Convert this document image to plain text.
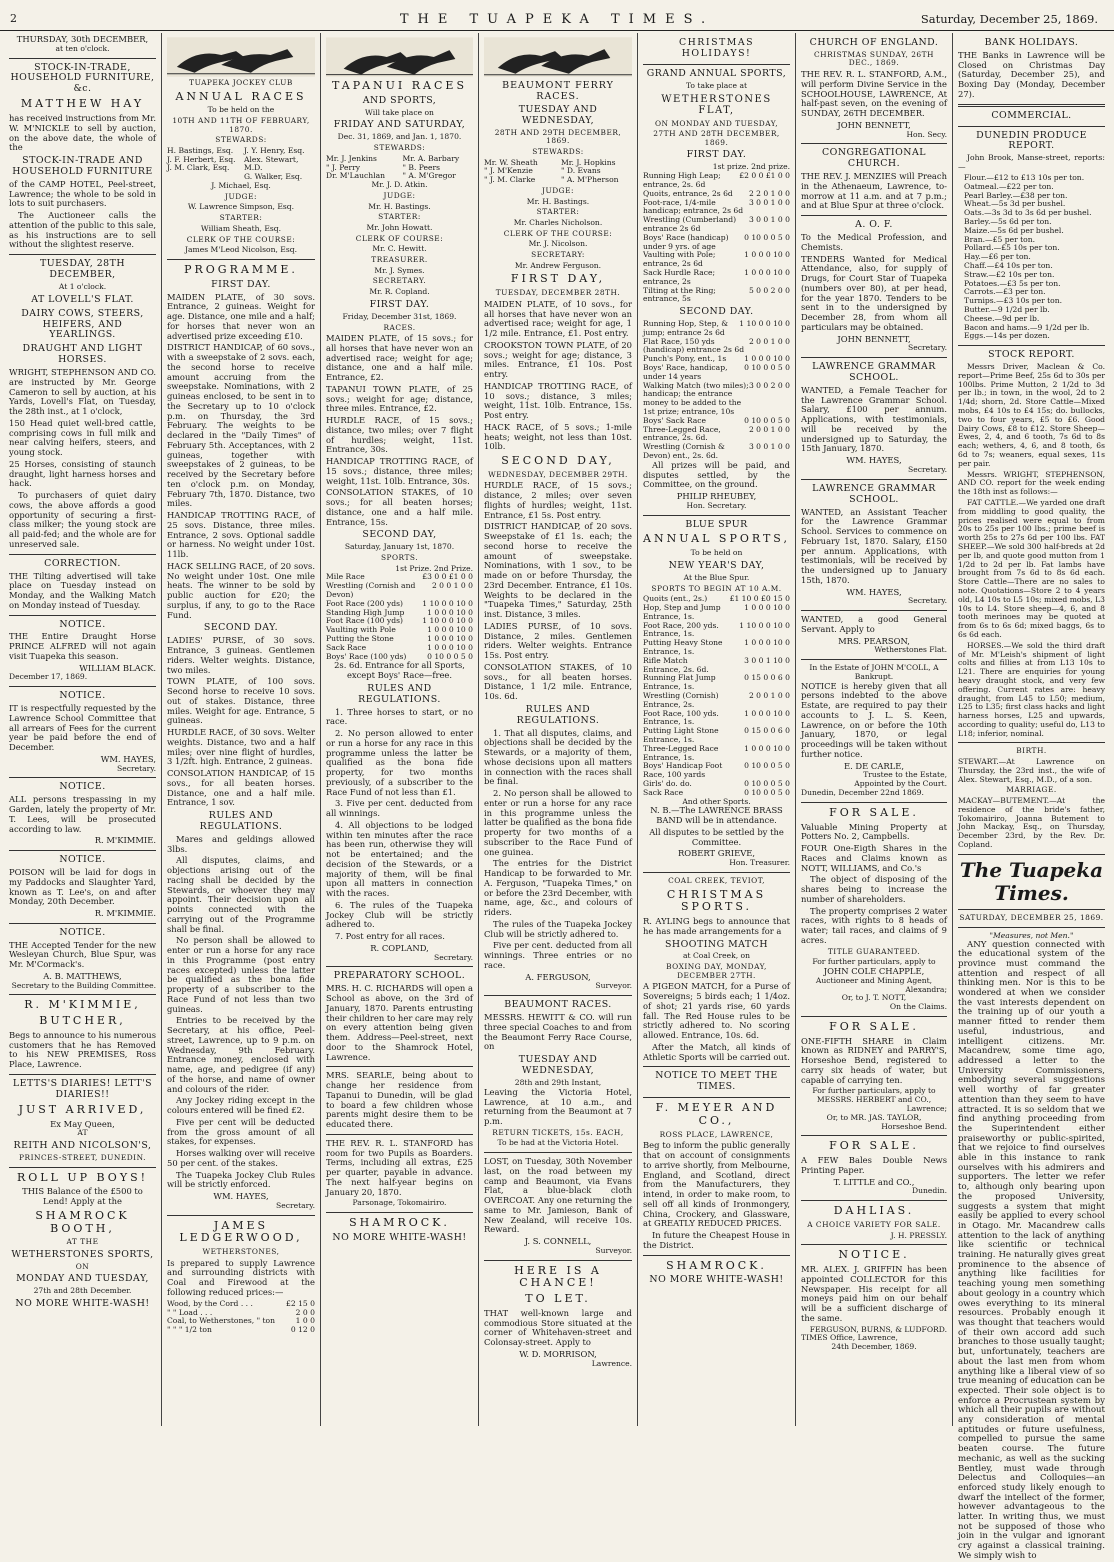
2	THE TUAPEKA TIMES.	Saturday, December 25, 1869.
THURSDAY, 30th DECEMBER,
at ten o'clock.
STOCK-IN-TRADE, HOUSEHOLD FURNITURE, &c.
MATTHEW HAY

has received instructions from Mr. W. M'NICKLE to sell by auction, on the above date, the whole of the

STOCK-IN-TRADE AND HOUSEHOLD FURNITURE

of the CAMP HOTEL, Peel-street, Lawrence; the whole to be sold in lots to suit purchasers.

The Auctioneer calls the attention of the public to this sale, as his instructions are to sell without the slightest reserve.

TUESDAY, 28TH DECEMBER,
At 1 o'clock.
AT LOVELL'S FLAT.
DAIRY COWS, STEERS, HEIFERS, AND YEARLINGS.
DRAUGHT AND LIGHT HORSES.

WRIGHT, STEPHENSON AND CO. are instructed by Mr. George Cameron to sell by auction, at his Yards, Lovell's Flat, on Tuesday, the 28th inst., at 1 o'clock,

150 Head quiet well-bred cattle, comprising cows in full milk and near calving heifers, steers, and young stock.

25 Horses, consisting of staunch draught, light harness horses and hack.

To purchasers of quiet dairy cows, the above affords a good opportunity of securing a first-class milker; the young stock are all paid-fed; and the whole are for unreserved sale.

CORRECTION.

THE Tilting advertised will take place on Tuesday instead on Monday, and the Walking Match on Monday instead of Tuesday.

NOTICE.

THE Entire Draught Horse PRINCE ALFRED will not again visit Tuapeka this season.

WILLIAM BLACK.
December 17, 1869.
NOTICE.

IT is respectfully requested by the Lawrence School Committee that all arrears of Fees for the current year be paid before the end of December.

WM. HAYES,
Secretary.
NOTICE.

ALL persons trespassing in my Garden, lately the property of Mr. T. Lees, will be prosecuted according to law.

R. M'KIMMIE.
NOTICE.

POISON will be laid for dogs in my Paddocks and Slaughter Yard, known as T. Lee's, on and after Monday, 20th December.

R. M'KIMMIE.
NOTICE.

THE Accepted Tender for the new Wesleyan Church, Blue Spur, was Mr. M'Cormack's.

A. B. MATTHEWS,
Secretary to the Building Committee.
R. M'KIMMIE,
BUTCHER,

Begs to announce to his numerous customers that he has Removed to his NEW PREMISES, Ross Place, Lawrence.

LETTS'S DIARIES! LETT'S DIARIES!!
JUST ARRIVED,
Ex May Queen,
AT
REITH AND NICOLSON'S,
PRINCES-STREET, DUNEDIN.
ROLL UP BOYS!

THIS Balance of the £500 to Lend! Apply at the

SHAMROCK BOOTH,
AT THE
WETHERSTONES SPORTS,
ON
MONDAY AND TUESDAY,
27th and 28th December.
NO MORE WHITE-WASH!
TUAPEKA JOCKEY CLUB
ANNUAL RACES
To be held on the
10TH AND 11TH OF FEBRUARY, 1870.
STEWARDS:
H. Bastings, Esq.
J. F. Herbert, Esq.
J. M. Clark, Esq.
J. Y. Henry, Esq.
Alex. Stewart, M.D.
G. Walker, Esq.
J. Michael, Esq.
JUDGE:
W. Lawrence Simpson, Esq.
STARTER:
William Sheath, Esq.
CLERK OF THE COURSE:
James M'Leod Nicolson, Esq.
PROGRAMME.
FIRST DAY.

MAIDEN PLATE, of 30 sovs. Entrance, 2 guineas. Weight for age. Distance, one mile and a half; for horses that never won an advertised prize exceeding £10.

DISTRICT HANDICAP, of 60 sovs., with a sweepstake of 2 sovs. each, the second horse to receive amount accruing from the sweepstake. Nominations, with 2 guineas enclosed, to be sent in to the Secretary up to 10 o'clock p.m. on Thursday, the 3rd February. The weights to be declared in the "Daily Times" of February 5th. Acceptances, with 2 guineas, together with sweepstakes of 2 guineas, to be received by the Secretary before ten o'clock p.m. on Monday, February 7th, 1870. Distance, two miles.

HANDICAP TROTTING RACE, of 25 sovs. Distance, three miles. Entrance, 2 sovs. Optional saddle or harness. No weight under 10st. 11lb.

HACK SELLING RACE, of 20 sovs. No weight under 10st. One mile heats. The winner to be sold by public auction for £20; the surplus, if any, to go to the Race Fund.

SECOND DAY.

LADIES' PURSE, of 30 sovs. Entrance, 3 guineas. Gentlemen riders. Welter weights. Distance, two miles.

TOWN PLATE, of 100 sovs. Second horse to receive 10 sovs. out of stakes. Distance, three miles. Weight for age. Entrance, 5 guineas.

HURDLE RACE, of 30 sovs. Welter weights. Distance, two and a half miles; over nine flight of hurdles, 3 1/2ft. high. Entrance, 2 guineas.

CONSOLATION HANDICAP, of 15 sovs., for all beaten horses. Distance, one and a half mile. Entrance, 1 sov.

RULES AND REGULATIONS.

Mares and geldings allowed 3lbs.

All disputes, claims, and objections arising out of the racing shall be decided by the Stewards, or whoever they may appoint. Their decision upon all points connected with the carrying out of the Programme shall be final.

No person shall be allowed to enter or run a horse for any race in this Programme (post entry races excepted) unless the latter be qualified as the bona fide property of a subscriber to the Race Fund of not less than two guineas.

Entries to be received by the Secretary, at his office, Peel-street, Lawrence, up to 9 p.m. on Wednesday, 9th February. Entrance money, enclosed with name, age, and pedigree (if any) of the horse, and name of owner and colours of the rider.

Any Jockey riding except in the colours entered will be fined £2.

Five per cent will be deducted from the gross amount of all stakes, for expenses.

Horses walking over will receive 50 per cent. of the stakes.

The Tuapeka Jockey Club Rules will be strictly enforced.

WM. HAYES,
Secretary.
JAMES LEDGERWOOD,
WETHERSTONES,

Is prepared to supply Lawrence and surrounding districts with Coal and Firewood at the following reduced prices:—

Wood, by the Cord . . .	£2 15 0
" " Load . . .	2 0 0
Coal, to Wetherstones, " ton	1 0 0
" " " 1/2 ton	0 12 0
TAPANUI RACES
AND SPORTS,
Will take place on
FRIDAY AND SATURDAY,
Dec. 31, 1869, and Jan. 1, 1870.
STEWARDS:
Mr. J. Jenkins
" J. Perry
Dr. M'Lauchlan
Mr. A. Barbary
" B. Peers
" A. M'Gregor
Mr. J. D. Atkin.
JUDGE:
Mr. H. Bastings.
STARTER:
Mr. John Howatt.
CLERK OF COURSE:
Mr. C. Hewitt.
TREASURER.
Mr. J. Symes.
SECRETARY.
Mr. R. Copland.
FIRST DAY.
Friday, December 31st, 1869.
RACES.

MAIDEN PLATE, of 15 sovs.; for all horses that have never won an advertised race; weight for age; distance, one and a half mile. Entrance, £2.

TAPANUI TOWN PLATE, of 25 sovs.; weight for age; distance, three miles. Entrance, £2.

HURDLE RACE, of 15 sovs.; distance, two miles; over 7 flight of hurdles; weight, 11st. Entrance, 30s.

HANDICAP TROTTING RACE, of 15 sovs.; distance, three miles; weight, 11st. 10lb. Entrance, 30s.

CONSOLATION STAKES, of 10 sovs.; for all beaten horses; distance, one and a half mile. Entrance, 15s.

SECOND DAY,
Saturday, January 1st, 1870.
SPORTS.
1st Prize. 2nd Prize.
Mile Race	£3 0 0 £1 0 0
Wrestling (Cornish and Devon)
2 0 0 1 0 0
Foot Race (200 yds)	1 10 0 0 10 0
Standing High Jump	1 0 0 0 10 0
Foot Race (100 yds)	1 10 0 0 10 0
Vaulting with Pole	1 0 0 0 10 0
Putting the Stone	1 0 0 0 10 0
Sack Race	1 0 0 0 10 0
Boys' Race (100 yds)	0 10 0 0 5 0

2s. 6d. Entrance for all Sports, except Boys' Race—free.

RULES AND REGULATIONS.

1. Three horses to start, or no race.

2. No person allowed to enter or run a horse for any race in this programme unless the latter be qualified as the bona fide property, for two months previously, of a subscriber to the Race Fund of not less than £1.

3. Five per cent. deducted from all winnings.

4. All objections to be lodged within ten minutes after the race has been run, otherwise they will not be entertained; and the decision of the Stewards, or a majority of them, will be final upon all matters in connection with the races.

6. The rules of the Tuapeka Jockey Club will be strictly adhered to.

7. Post entry for all races.

R. COPLAND,
Secretary.
PREPARATORY SCHOOL.

MRS. H. C. RICHARDS will open a School as above, on the 3rd of January, 1870. Parents entrusting their children to her care may rely on every attention being given them. Address—Peel-street, next door to the Shamrock Hotel, Lawrence.

MRS. SEARLE, being about to change her residence from Tapanui to Dunedin, will be glad to board a few children whose parents might desire them to be educated there.

THE REV. R. L. STANFORD has room for two Pupils as Boarders. Terms, including all extras, £25 per quarter, payable in advance. The next half-year begins on January 20, 1870.

Parsonage, Tokomairiro.
SHAMROCK.
NO MORE WHITE-WASH!
BEAUMONT FERRY RACES.
TUESDAY AND WEDNESDAY,
28TH AND 29TH DECEMBER, 1869.
STEWARDS:
Mr. W. Sheath
" J. M'Kenzie
" J. M. Clarke
Mr. J. Hopkins
" D. Evans
" A. M'Pherson
JUDGE:
Mr. H. Bastings.
STARTER:
Mr. Charles Nicholson.
CLERK OF THE COURSE:
Mr. J. Nicolson.
SECRETARY:
Mr. Andrew Ferguson.
FIRST DAY,
TUESDAY, DECEMBER 28TH.

MAIDEN PLATE, of 10 sovs., for all horses that have never won an advertised race; weight for age, 1 1/2 mile. Entrance, £1. Post entry.

CROOKSTON TOWN PLATE, of 20 sovs.; weight for age; distance, 3 miles. Entrance, £1 10s. Post entry.

HANDICAP TROTTING RACE, of 10 sovs.; distance, 3 miles; weight, 11st. 10lb. Entrance, 15s. Post entry.

HACK RACE, of 5 sovs.; 1-mile heats; weight, not less than 10st. 10lb.

SECOND DAY,
WEDNESDAY, DECEMBER 29TH.

HURDLE RACE, of 15 sovs.; distance, 2 miles; over seven flights of hurdles; weight, 11st. Entrance, £1 5s. Post entry.

DISTRICT HANDICAP, of 20 sovs. Sweepstake of £1 1s. each; the second horse to receive the amount of sweepstake. Nominations, with 1 sov., to be made on or before Thursday, the 23rd December. Entrance, £1 10s. Weights to be declared in the "Tuapeka Times," Saturday, 25th inst. Distance, 3 miles.

LADIES PURSE, of 10 sovs. Distance, 2 miles. Gentlemen riders. Welter weights. Entrance 15s. Post entry.

CONSOLATION STAKES, of 10 sovs., for all beaten horses. Distance, 1 1/2 mile. Entrance, 10s. 6d.

RULES AND REGULATIONS.

1. That all disputes, claims, and objections shall be decided by the Stewards, or a majority of them, whose decisions upon all matters in connection with the races shall be final.

2. No person shall be allowed to enter or run a horse for any race in this programme unless the latter be qualified as the bona fide property for two months of a subscriber to the Race Fund of one guinea.

The entries for the District Handicap to be forwarded to Mr. A. Ferguson, "Tuapeka Times," on or before the 23rd December, with name, age, &c., and colours of riders.

The rules of the Tuapeka Jockey Club will be strictly adhered to.

Five per cent. deducted from all winnings. Three entries or no race.

A. FERGUSON,
Surveyor.
BEAUMONT RACES.

MESSRS. HEWITT & CO. will run three special Coaches to and from the Beaumont Ferry Race Course, on

TUESDAY AND WEDNESDAY,
28th and 29th Instant,

Leaving the Victoria Hotel, Lawrence, at 10 a.m., and returning from the Beaumont at 7 p.m.

RETURN TICKETS, 15s. EACH,
To be had at the Victoria Hotel.

LOST, on Tuesday, 30th November last, on the road between my camp and Beaumont, via Evans Flat, a blue-black cloth OVERCOAT. Any one returning the same to Mr. Jamieson, Bank of New Zealand, will receive 10s. Reward.

J. S. CONNELL,
Surveyor.
HERE IS A CHANCE!
TO LET.

THAT well-known large and commodious Store situated at the corner of Whitehaven-street and Colonsay-street. Apply to

W. D. MORRISON,
Lawrence.
CHRISTMAS HOLIDAYS!
GRAND ANNUAL SPORTS,
To take place at
WETHERSTONES FLAT,
ON MONDAY AND TUESDAY,
27TH AND 28TH DECEMBER, 1869.
FIRST DAY.
1st prize. 2nd prize.
Running High Leap; entrance, 2s. 6d
£2 0 0 £1 0 0
Quoits, entrance, 2s 6d 2 2 0 1 0 0
Foot-race, 1/4-mile handicap; entrance, 2s 6d
3 0 0 1 0 0
Wrestling (Cumberland) entrance 2s 6d
3 0 0 1 0 0
Boys' Race (handicap) under 9 yrs. of age
0 10 0 0 5 0
Vaulting with Pole; entrance, 2s 6d
1 0 0 0 10 0
Sack Hurdle Race; entrance, 2s
1 0 0 0 10 0
Tilting at the Ring; entrance, 5s
5 0 0 2 0 0
SECOND DAY.
Running Hop, Step, & jump; entrance 2s 6d
1 10 0 0 10 0
Flat Race, 150 yds (handicap) entrance 2s 6d
2 0 0 1 0 0
Punch's Pony, ent., 1s 1 0 0 0 10 0
Boys' Race, handicap, under 14 years
0 10 0 0 5 0
Walking Match (two miles); handicap; the entrance money to be added to the 1st prize; entrance, 10s
3 0 0 2 0 0
Boys' Sack Race	0 10 0 0 5 0
Three-Legged Race, entrance, 2s. 6d.
2 0 0 1 0 0
Wrestling (Cornish & Devon) ent., 2s. 6d.
3 0 0 1 0 0

All prizes will be paid, and disputes settled, by the Committee, on the ground.

PHILIP RHEUBEY,
Hon. Secretary.
BLUE SPUR
ANNUAL SPORTS,
To be held on
NEW YEAR'S DAY,
At the Blue Spur.
SPORTS TO BEGIN AT 10 A.M.
Quoits (ent., 2s.)	£1 10 0 £0 15 0
Hop, Step and Jump	1 0 0 0 10 0
Entrance, 1s.
Foot Race, 200 yds.	1 10 0 0 10 0
Entrance, 1s.
Putting Heavy Stone	1 0 0 0 10 0
Entrance, 1s.
Rifle Match	3 0 0 1 10 0
Entrance, 2s. 6d.
Running Flat Jump	0 15 0 0 6 0
Entrance, 1s.
Wrestling (Cornish)	2 0 0 1 0 0
Entrance, 2s.
Foot Race, 100 yds.	1 0 0 0 10 0
Entrance, 1s.
Putting Light Stone	0 15 0 0 6 0
Entrance, 1s.
Three-Legged Race	1 0 0 0 10 0
Entrance, 1s.
Boys' Handicap Foot Race, 100 yards
0 10 0 0 5 0
Girls' do. do.	0 10 0 0 5 0
Sack Race	0 10 0 0 5 0
And other Sports.

N. B.—The LAWRENCE BRASS BAND will be in attendance.

All disputes to be settled by the Committee.

ROBERT GRIEVE,
Hon. Treasurer.
COAL CREEK, TEVIOT,
CHRISTMAS SPORTS.

R. AYLING begs to announce that he has made arrangements for a

SHOOTING MATCH
at Coal Creek, on
BOXING DAY, MONDAY, DECEMBER 27TH.

A PIGEON MATCH, for a Purse of Sovereigns; 5 birds each; 1 1/4oz. of shot; 21 yards rise, 60 yards fall. The Red House rules to be strictly adhered to. No scoring allowed. Entrance, 10s. 6d.

After the Match, all kinds of Athletic Sports will be carried out.

NOTICE TO MEET THE TIMES.
F. MEYER AND CO.,
ROSS PLACE, LAWRENCE,

Beg to inform the public generally that on account of consignments to arrive shortly, from Melbourne, England, and Scotland, direct from the Manufacturers, they intend, in order to make room, to sell off all kinds of Ironmongery, China, Crockery, and Glassware, at GREATLY REDUCED PRICES.

In future the Cheapest House in the District.

SHAMROCK.
NO MORE WHITE-WASH!
CHURCH OF ENGLAND.
CHRISTMAS SUNDAY, 26TH DEC., 1869.

THE REV. R. L. STANFORD, A.M., will perform Divine Service in the SCHOOLHOUSE, LAWRENCE, At half-past seven, on the evening of SUNDAY, 26TH DECEMBER.

JOHN BENNETT,
Hon. Secy.
CONGREGATIONAL CHURCH.

THE REV. J. MENZIES will Preach in the Athenaeum, Lawrence, to-morrow at 11 a.m. and at 7 p.m.; and at Blue Spur at three o'clock.

A. O. F.

To the Medical Profession, and Chemists.

TENDERS Wanted for Medical Attendance, also, for supply of Drugs, for Court Star of Tuapeka (numbers over 80), at per head, for the year 1870. Tenders to be sent in to the undersigned by December 28, from whom all particulars may be obtained.

JOHN BENNETT,
Secretary.
LAWRENCE GRAMMAR SCHOOL.

WANTED, a Female Teacher for the Lawrence Grammar School. Salary, £100 per annum. Applications, with testimonials, will be received by the undersigned up to Saturday, the 15th January, 1870.

WM. HAYES,
Secretary.
LAWRENCE GRAMMAR SCHOOL.

WANTED, an Assistant Teacher for the Lawrence Grammar School. Services to commence on February 1st, 1870. Salary, £150 per annum. Applications, with testimonials, will be received by the undersigned up to January 15th, 1870.

WM. HAYES,
Secretary.

WANTED, a good General Servant. Apply to

MRS. PEARSON,
Wetherstones Flat.
In the Estate of JOHN M'COLL, A Bankrupt.

NOTICE is hereby given that all persons indebted to the above Estate, are required to pay their accounts to J. L. S. Keen, Lawrence, on or before the 10th January, 1870, or legal proceedings will be taken without further notice.

E. DE CARLE,
Trustee to the Estate,
Appointed by the Court.
Dunedin, December 22nd 1869.
FOR SALE.

Valuable Mining Property at Potters No. 2, Campbells.

FOUR One-Eigth Shares in the Races and Claims known as NOTT, WILLIAMS, and Co.'s

The object of disposing of the shares being to increase the number of shareholders.

The property comprises 2 water races, with rights to 8 heads of water; tail races, and claims of 9 acres.

TITLE GUARANTEED.
For further particulars, apply to
JOHN COLE CHAPPLE,
Auctioneer and Mining Agent,
Alexandra;
Or, to J. T. NOTT,
On the Claims.
FOR SALE.

ONE-FIFTH SHARE in Claim known as RIDNEY and PARRY'S, Horseshoe Bend, registered to carry six heads of water, but capable of carrying ten.

For further particulars, apply to
MESSRS. HERBERT and CO.,
Lawrence;
Or, to MR. JAS. TAYLOR,
Horseshoe Bend.
FOR SALE.

A FEW Bales Double News Printing Paper.

T. LITTLE and CO.,
Dunedin.
DAHLIAS.
A CHOICE VARIETY FOR SALE.
J. H. PRESSLY.
NOTICE.

MR. ALEX. J. GRIFFIN has been appointed COLLECTOR for this Newspaper. His receipt for all moneys paid him on our behalf will be a sufficient discharge of the same.

FERGUSON, BURNS, & LUDFORD.
TIMES Office, Lawrence,
24th December, 1869.
BANK HOLIDAYS.

THE Banks in Lawrence will be Closed on Christmas Day (Saturday, December 25), and Boxing Day (Monday, December 27).

COMMERCIAL.
DUNEDIN PRODUCE REPORT.

John Brook, Manse-street, reports:—

Flour.—£12 to £13 10s per ton.
Oatmeal.—£22 per ton.
Pearl Barley.—£38 per ton.
Wheat.—5s 3d per bushel.
Oats.—3s 3d to 3s 6d per bushel.
Barley.—5s 6d per ton.
Maize.—5s 6d per bushel.
Bran.—£5 per ton.
Pollard.—£5 10s per ton.
Hay.—£6 per ton.
Chaff.—£4 10s per ton.
Straw.—£2 10s per ton.
Potatoes.—£3 5s per ton.
Carrots.—£3 per ton.
Turnips.—£3 10s per ton.
Butter.—9 1/2d per lb.
Cheese.—9d per lb.
Bacon and hams.—9 1/2d per lb.
Eggs.—14s per dozen.
STOCK REPORT.

Messrs Driver, Maclean & Co. report—Prime Beef, 25s 6d to 30s per 100lbs. Prime Mutton, 2 1/2d to 3d per lb.; in town, in the wool, 2d to 2 1/4d; shorn, 2d. Store Cattle—Mixed mobs, £4 10s to £4 15s; do. bullocks, two to four years, £5 to £6. Good Dairy Cows, £8 to £12. Store Sheep—Ewes, 2, 4, and 6 tooth, 7s 6d to 8s each; wethers, 4, 6, and 8 tooth, 6s 6d to 7s; weaners, equal sexes, 11s per pair.

Messrs. WRIGHT, STEPHENSON, AND CO. report for the week ending the 18th inst as follows:—

FAT CATTLE.—We yarded one draft from middling to good quality, the prices realised were equal to from 20s to 25s per 100 lbs.; prime beef is worth 25s to 27s 6d per 100 lbs. FAT SHEEP.—We sold 300 half-breds at 2d per lb, and quote good mutton from 1 1/2d to 2d per lb. Fat lambs have brought from 7s 6d to 8s 6d each. Store Cattle—There are no sales to note. Quotations—Store 2 to 4 years old, L4 10s to L5 10s; mixed mobs, L3 10s to L4. Store sheep—4, 6, and 8 tooth merinoes may be quoted at from 6s to 6s 6d; mixed baggs, 6s to 6s 6d each.

HORSES.—We sold the third draft of Mr. M'Leish's shipment of light colts and fillies at from L13 10s to L21. There are enquiries for young heavy draught stock, and very few offering. Current rates are: heavy draught, from L45 to L50; medium, L25 to L35; first class hacks and light harness horses, L25 and upwards, according to quality; useful do, L13 to L18; inferior, nominal.

BIRTH.

STEWART.—At Lawrence on Thursday, the 23rd inst., the wife of Alex. Stewart, Esq., M.D., of a son.

MARRIAGE.

MACKAY—BUTEMENT.—At the residence of the bride's father, Tokomairiro, Joanna Butement to John Mackay, Esq., on Thursday, December 23rd, by the Rev. Dr. Copland.

The Tuapeka Times.
SATURDAY, DECEMBER 25, 1869.
"Measures, not Men."

ANY question connected with the educational system of the province must command the attention and respect of all thinking men. Nor is this to be wondered at when we consider the vast interests dependent on the training up of our youth a manner fitted to render them useful, industrious, and intelligent citizens. Mr. Macandrew, some time ago, addressed a letter to the University Commissioners, embodying several suggestions well worthy of far greater attention than they seem to have attracted. It is so seldom that we find anything proceeding from the Superintendent either praiseworthy or public-spirited, that we rejoice to find ourselves able in this instance to rank ourselves with his admirers and supporters. The letter we refer to, although only bearing upon the proposed University, suggests a system that might easily be applied to every school in Otago. Mr. Macandrew calls attention to the lack of anything like scientific or technical training. He naturally gives great prominence to the absence of anything like facilities for teaching young men something about geology in a country which owes everything to its mineral resources. Probably enough it was thought that teachers would of their own accord add such branches to those usually taught; but, unfortunately, teachers are about the last men from whom anything like a liberal view of so true meaning of education can be expected. Their sole object is to enforce a Procrustean system by which all their pupils are without any consideration of mental aptitudes or future usefulness, compelled to pursue the same beaten course. The future mechanic, as well as the sucking Bentley, must wade through Delectus and Colloquies—an enforced study likely enough to dwarf the intellect of the former, however advantageous to the latter. In writing thus, we must not be supposed of those who join in the vulgar and ignorant cry against a classical training. We simply wish to
